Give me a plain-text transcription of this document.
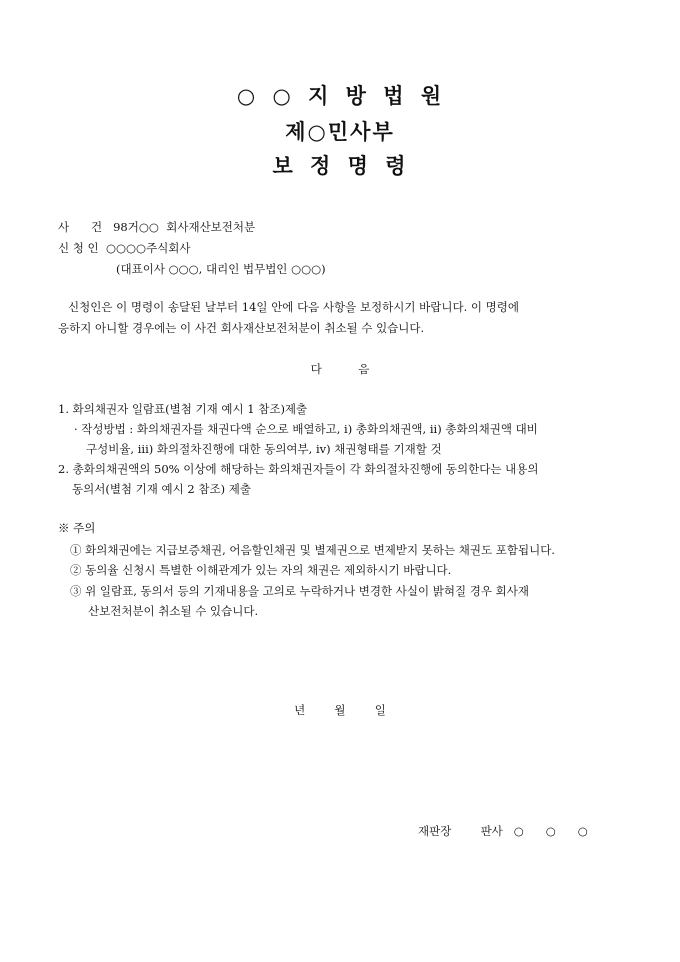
○ ○ 지 방 법 원
제○민사부
보 정 명 령
사      건   98거○○  회사재산보전처분
신 청 인  ○○○○주식회사
(대표이사 ○○○, 대리인 법무법인 ○○○)
신청인은 이 명령이 송달된 날부터 14일 안에 다음 사항을 보정하시기 바랍니다. 이 명령에
응하지 아니할 경우에는 이 사건 회사재산보전처분이 취소될 수 있습니다.
다          음
1. 화의채권자 일람표(별첨 기재 예시 1 참조)제출
· 작성방법 : 화의채권자를 채권다액 순으로 배열하고, i) 총화의채권액, ii) 총화의채권액 대비
구성비율, iii) 화의절차진행에 대한 동의여부, iv) 채권형태를 기재할 것
2. 총화의채권액의 50% 이상에 해당하는 화의채권자들이 각 화의절차진행에 동의한다는 내용의
동의서(별첨 기재 예시 2 참조) 제출
※ 주의
① 화의채권에는 지급보증채권, 어음할인채권 및 별제권으로 변제받지 못하는 채권도 포함됩니다.
② 동의율 신청시 특별한 이해관계가 있는 자의 채권은 제외하시기 바랍니다.
③ 위 일람표, 동의서 등의 기재내용을 고의로 누락하거나 변경한 사실이 밝혀질 경우 회사재
산보전처분이 취소될 수 있습니다.
년        월        일
재판장        판사   ○      ○      ○
